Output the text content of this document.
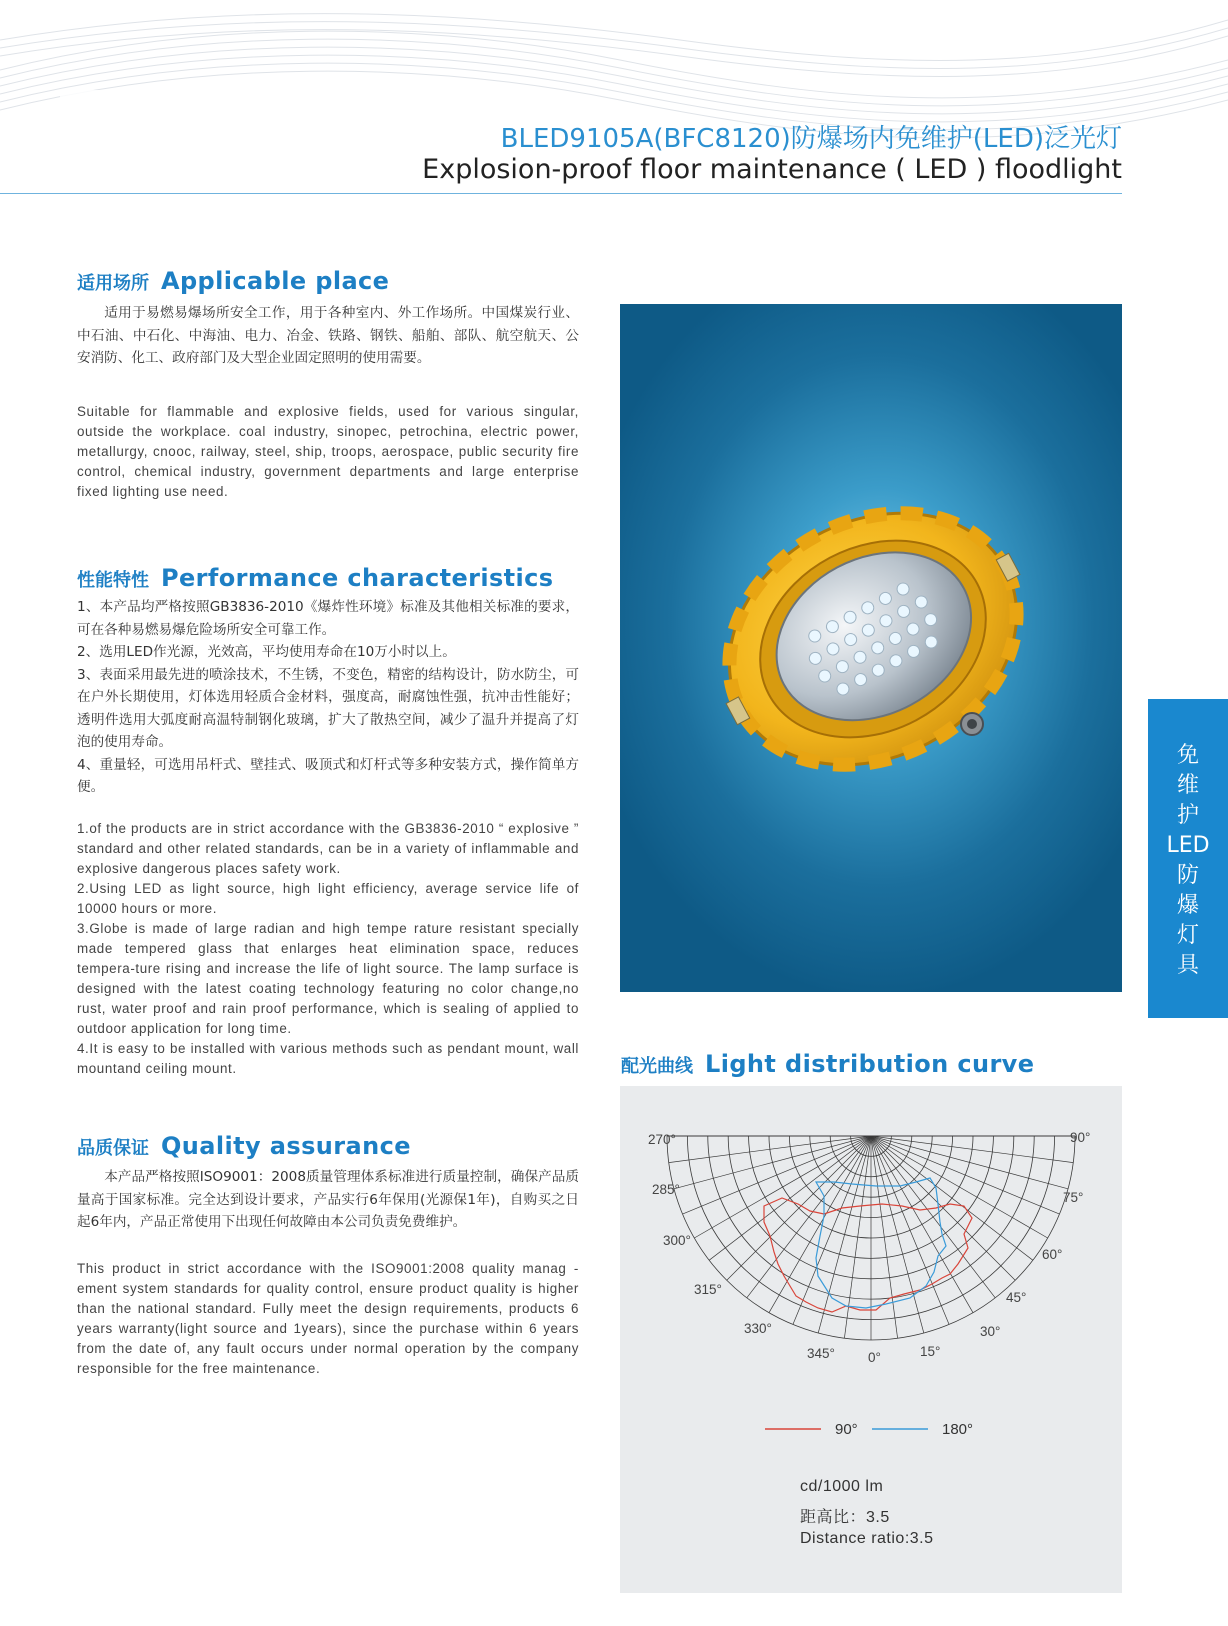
BLED9105A(BFC8120)防爆场内免维护(LED)泛光灯
Explosion-proof floor maintenance ( LED ) floodlight
适用场所 Applicable place

适用于易燃易爆场所安全工作，用于各种室内、外工作场所。中国煤炭行业、中石油、中石化、中海油、电力、冶金、铁路、钢铁、船舶、部队、航空航天、公安消防、化工、政府部门及大型企业固定照明的使用需要。

Suitable for flammable and explosive fields, used for various singular, outside the workplace. coal industry, sinopec, petrochina, electric power, metallurgy, cnooc, railway, steel, ship, troops, aerospace, public security fire control, chemical industry, government departments and large enterprise fixed lighting use need.

性能特性 Performance characteristics

1、本产品均严格按照GB3836-2010《爆炸性环境》标准及其他相关标准的要求，可在各种易燃易爆危险场所安全可靠工作。

2、选用LED作光源，光效高，平均使用寿命在10万小时以上。

3、表面采用最先进的喷涂技术，不生锈，不变色，精密的结构设计，防水防尘，可在户外长期使用，灯体选用轻质合金材料，强度高，耐腐蚀性强，抗冲击性能好；透明件选用大弧度耐高温特制钢化玻璃，扩大了散热空间，减少了温升并提高了灯泡的使用寿命。

4、重量轻，可选用吊杆式、壁挂式、吸顶式和灯杆式等多种安装方式，操作简单方便。

1.of the products are in strict accordance with the GB3836-2010 “ explosive ” standard and other related standards, can be in a variety of inflammable and explosive dangerous places safety work.

2.Using LED as light source, high light efficiency, average service life of 10000 hours or more.

3.Globe is made of large radian and high tempe rature resistant specially made tempered glass that enlarges heat elimination space, reduces tempera-ture rising and increase the life of light source. The lamp surface is designed with the latest coating technology featuring no color change,no rust, water proof and rain proof performance, which is sealing of applied to outdoor application for long time.

4.It is easy to be installed with various methods such as pendant mount, wall mountand ceiling mount.

品质保证 Quality assurance

本产品严格按照ISO9001：2008质量管理体系标准进行质量控制，确保产品质量高于国家标准。完全达到设计要求，产品实行6年保用(光源保1年)，自购买之日起6年内，产品正常使用下出现任何故障由本公司负责免费维护。

This product in strict accordance with the ISO9001:2008 quality manag -ement system standards for quality control, ensure product quality is higher than the national standard. Fully meet the design requirements, products 6 years warranty(light source and 1years), since the purchase within 6 years from the date of, any fault occurs under normal operation by the company responsible for the free maintenance.

免
维
护
LED
防
爆
灯
具
配光曲线 Light distribution curve
270°
285°
300°
315°
330°
345° 0°	15°
30°
45°
60°
75°
90°
90°	180°
cd/1000 lm
距高比：3.5
Distance ratio:3.5
